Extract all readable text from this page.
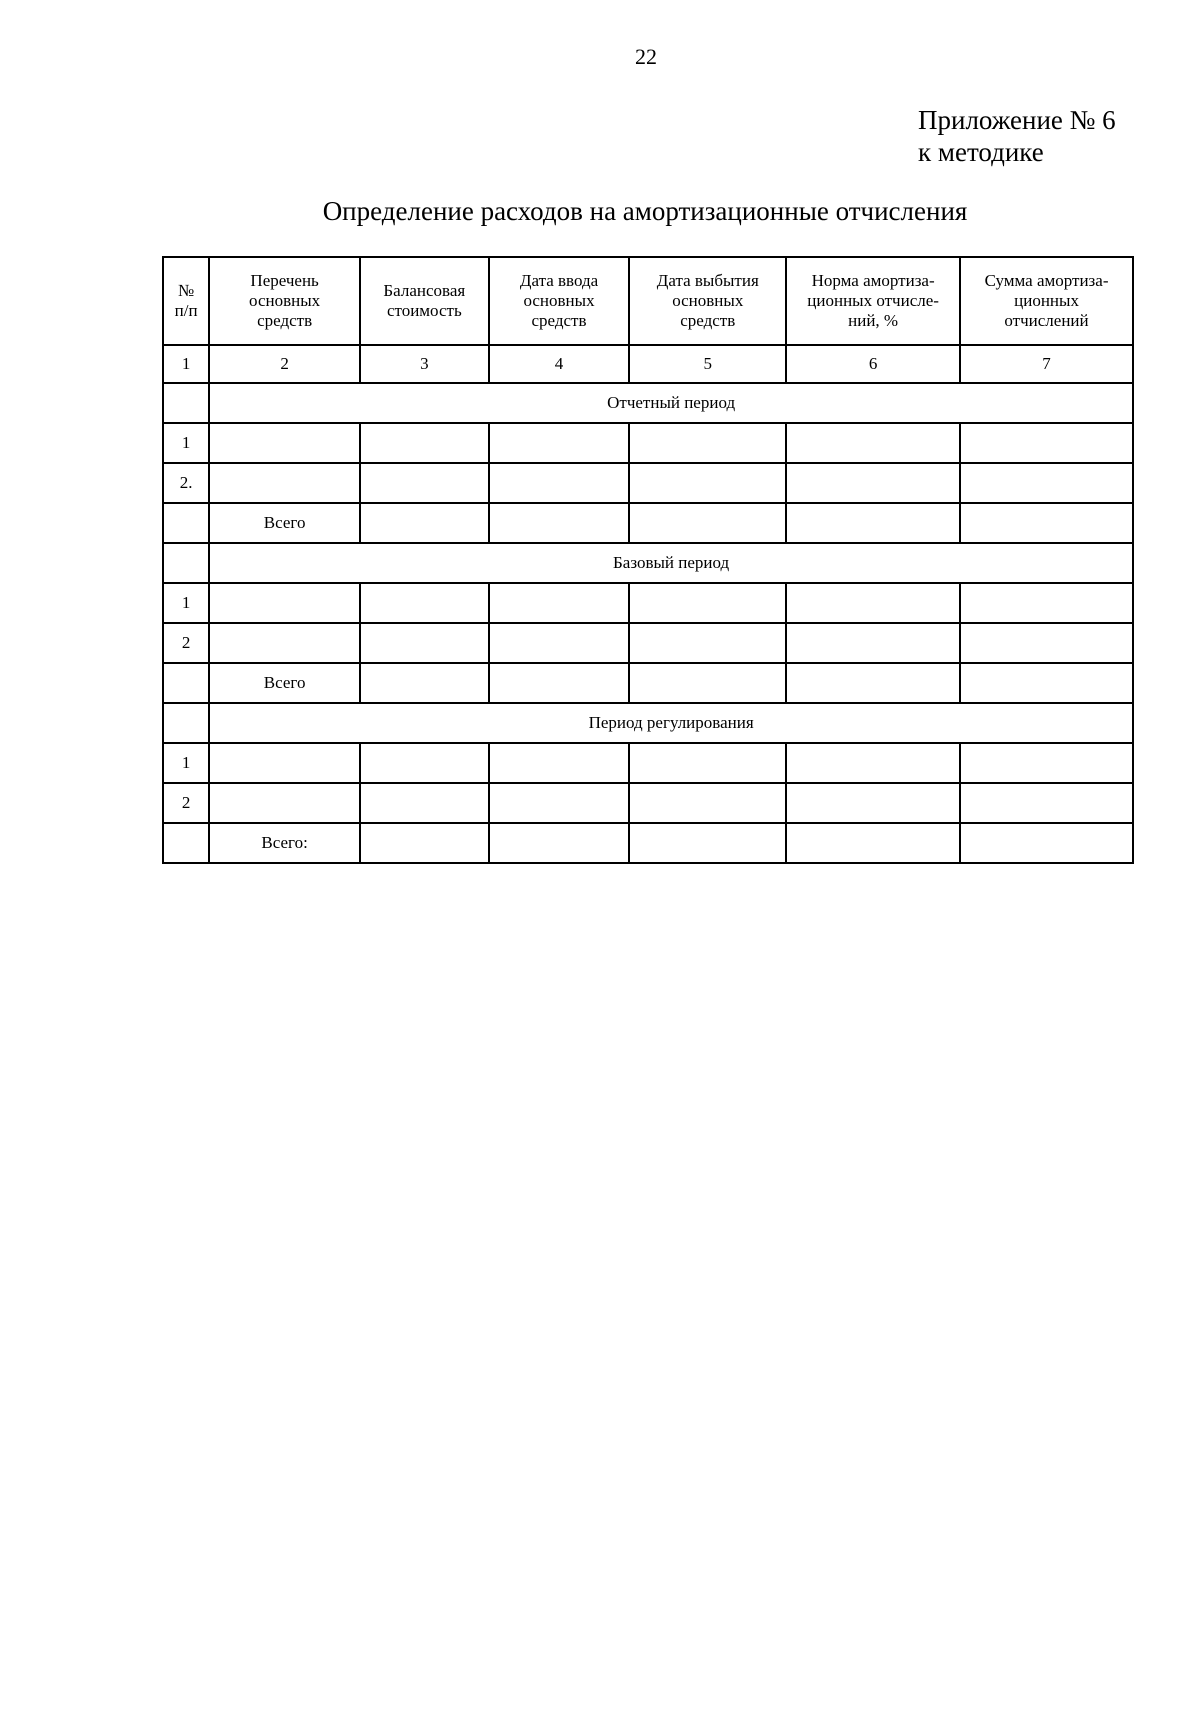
22
Приложение № 6
к методике
Определение расходов на амортизационные отчисления
№
п/п	Перечень
основных
средств	Балансовая
стоимость	Дата ввода
основных
средств	Дата выбытия
основных
средств	Норма амортиза-
ционных отчисле-
ний, %	Сумма амортиза-
ционных
отчислений
1	2	3	4	5	6	7
	Отчетный период					
1						
2.						
	Всего					
	Базовый период					
1						
2						
	Всего					
	Период регулирования					
1						
2						
	Всего:					
